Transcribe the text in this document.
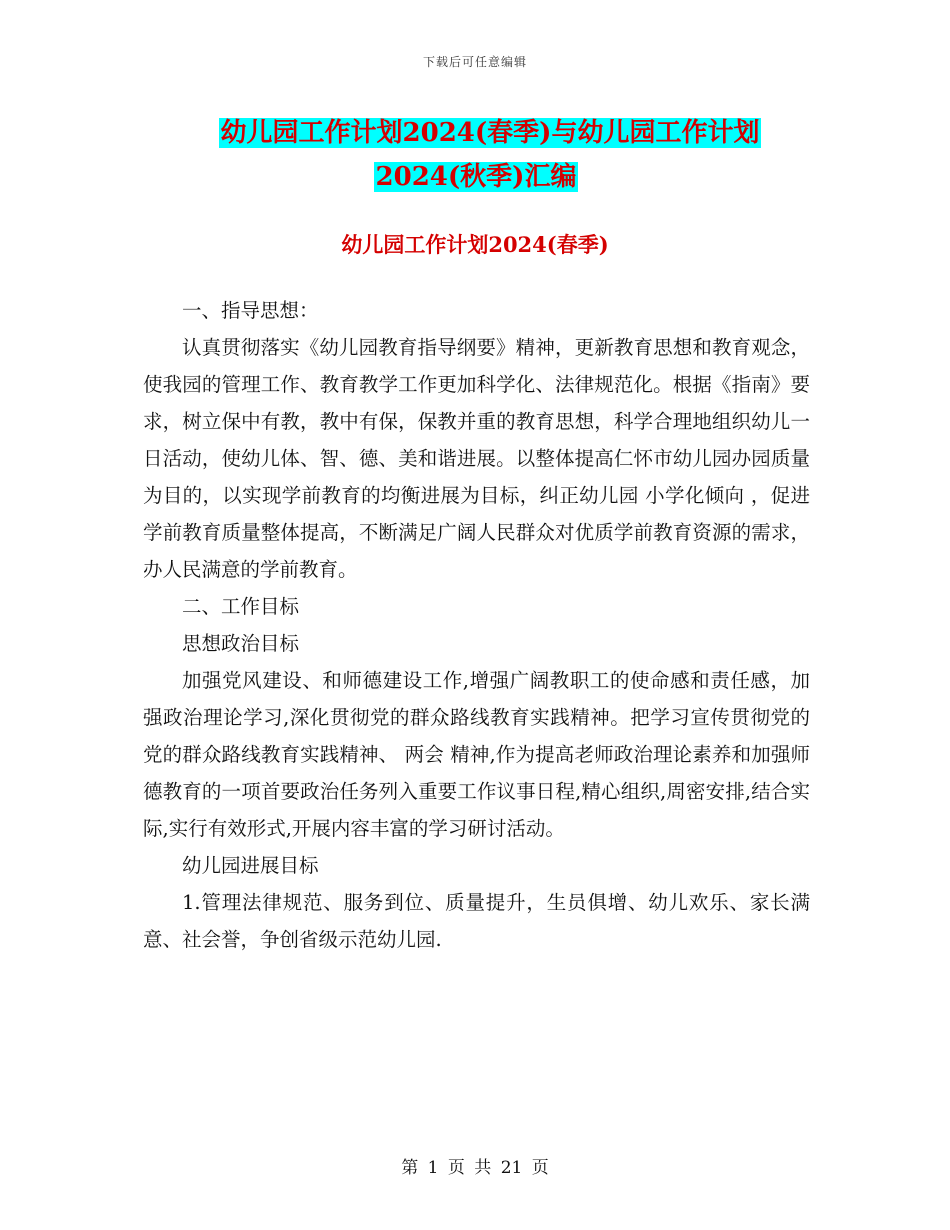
下载后可任意编辑
幼儿园工作计划2024(春季)与幼儿园工作计划
2024(秋季)汇编
幼儿园工作计划2024(春季)

一、指导思想：

认真贯彻落实《幼儿园教育指导纲要》精神，更新教育思想和教育观念，使我园的管理工作、教育教学工作更加科学化、法律规范化。根据《指南》要求，树立保中有教，教中有保，保教并重的教育思想，科学合理地组织幼儿一日活动，使幼儿体、智、德、美和谐进展。以整体提高仁怀市幼儿园办园质量为目的，以实现学前教育的均衡进展为目标，纠正幼儿园 小学化倾向 ，促进学前教育质量整体提高，不断满足广阔人民群众对优质学前教育资源的需求，办人民满意的学前教育。

二、工作目标

思想政治目标

加强党风建设、和师德建设工作,增强广阔教职工的使命感和责任感，加强政治理论学习,深化贯彻党的群众路线教育实践精神。把学习宣传贯彻党的党的群众路线教育实践精神、 两会 精神,作为提高老师政治理论素养和加强师德教育的一项首要政治任务列入重要工作议事日程,精心组织,周密安排,结合实际,实行有效形式,开展内容丰富的学习研讨活动。

幼儿园进展目标

1.管理法律规范、服务到位、质量提升，生员俱增、幼儿欢乐、家长满意、社会誉，争创省级示范幼儿园.

第 1 页 共 21 页
